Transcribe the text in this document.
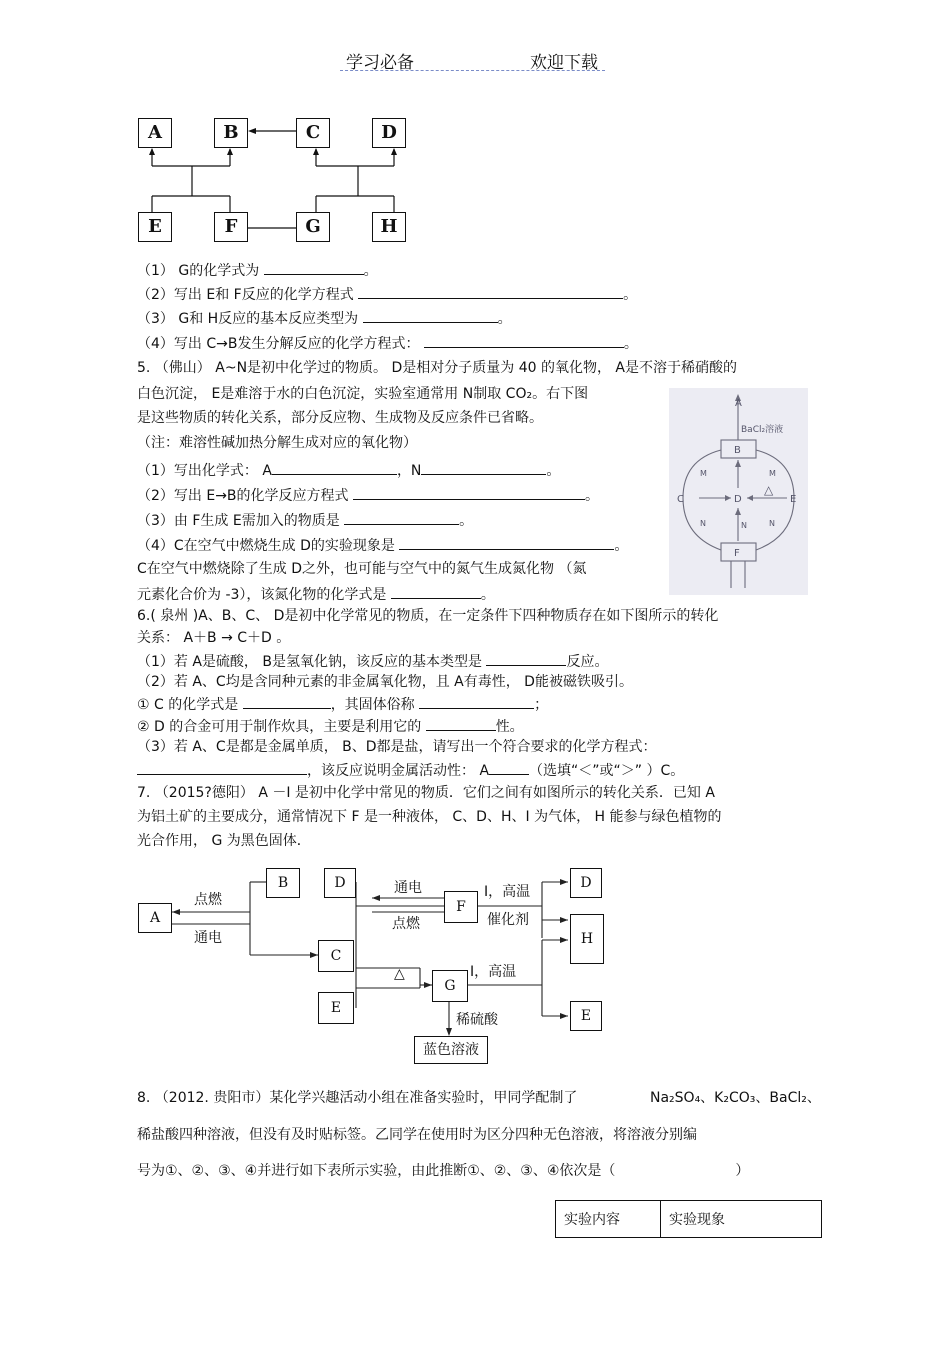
学习必备	欢迎下载
A	B	C	D
E	F	G	H
（1） G的化学式为	。
（2）写出 E和 F反应的化学方程式	。
（3） G和 H反应的基本反应类型为	。
（4）写出 C→B发生分解反应的化学方程式：	。
5. （佛山） A~N是初中化学过的物质。 D是相对分子质量为 40 的氧化物， A是不溶于稀硝酸的
白色沉淀， E是难溶于水的白色沉淀，实验室通常用 N制取 CO₂。右下图
是这些物质的转化关系，部分反应物、生成物及反应条件已省略。
（注：难溶性碱加热分解生成对应的氧化物）
（1）写出化学式： A	，N	。
（2）写出 E→B的化学反应方程式	。
（3）由 F生成 E需加入的物质是	。
（4）C在空气中燃烧生成 D的实验现象是	。
C在空气中燃烧除了生成 D之外，也可能与空气中的氮气生成氮化物 （氮
元素化合价为 -3），该氮化物的化学式是	。
A
BaCl₂溶液
B
C	D	E
F
M	M
N	N
N
△
6.( 泉州 )A、B、C、 D是初中化学常见的物质，在一定条件下四种物质存在如下图所示的转化
关系： A＋B → C＋D 。
（1）若 A是硫酸， B是氢氧化钠，该反应的基本类型是	反应。
（2）若 A、C均是含同种元素的非金属氧化物，且 A有毒性， D能被磁铁吸引。
① C 的化学式是	，其固体俗称	；
② D 的合金可用于制作炊具，主要是利用它的	性。
（3）若 A、C是都是金属单质， B、D都是盐，请写出一个符合要求的化学方程式：
，该反应说明金属活动性： A	（选填“＜”或“＞” ）C。
7. （2015?德阳） A －I 是初中化学中常见的物质．它们之间有如图所示的转化关系．已知 A
为铝土矿的主要成分，通常情况下 F 是一种液体， C、D、H、I 为气体， H 能参与绿色植物的
光合作用， G 为黑色固体．
点燃
通电
通电
点燃
I，高温
催化剂
△	I，高温
稀硫酸
A
B
C
D
E
F
G
D
H
E
蓝色溶液
8. （2012. 贵阳市）某化学兴趣活动小组在准备实验时，甲同学配制了	Na₂SO₄、K₂CO₃、BaCl₂、
稀盐酸四种溶液，但没有及时贴标签。乙同学在使用时为区分四种无色溶液，将溶液分别编
号为①、②、③、④并进行如下表所示实验，由此推断①、②、③、④依次是（	）
实验内容	实验现象
